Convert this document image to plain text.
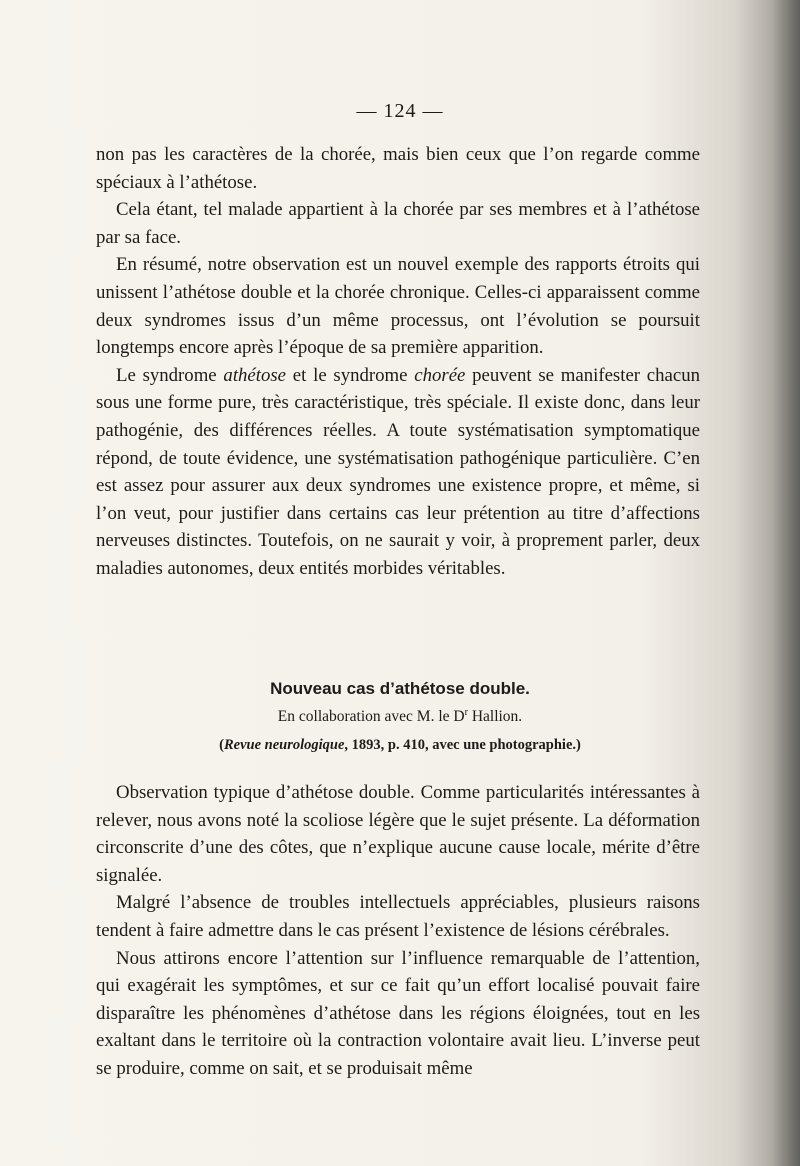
— 124 —

non pas les caractères de la chorée, mais bien ceux que l’on regarde comme spéciaux à l’athétose.

Cela étant, tel malade appartient à la chorée par ses membres et à l’athétose par sa face.

En résumé, notre observation est un nouvel exemple des rapports étroits qui unissent l’athétose double et la chorée chronique. Celles-ci apparaissent comme deux syndromes issus d’un même processus, ont l’évolution se poursuit longtemps encore après l’époque de sa première apparition.

Le syndrome athétose et le syndrome chorée peuvent se manifester chacun sous une forme pure, très caractéristique, très spéciale. Il existe donc, dans leur pathogénie, des différences réelles. A toute systématisation symptomatique répond, de toute évidence, une systématisation pathogénique particulière. C’en est assez pour assurer aux deux syndromes une existence propre, et même, si l’on veut, pour justifier dans certains cas leur prétention au titre d’affections nerveuses distinctes. Toutefois, on ne saurait y voir, à proprement parler, deux maladies autonomes, deux entités morbides véritables.

Nouveau cas d’athétose double.
En collaboration avec M. le $D^r$ Hallion.
(Revue neurologique, 1893, p. 410, avec une photographie.)

Observation typique d’athétose double. Comme particularités intéressantes à relever, nous avons noté la scoliose légère que le sujet présente. La déformation circonscrite d’une des côtes, que n’explique aucune cause locale, mérite d’être signalée.

Malgré l’absence de troubles intellectuels appréciables, plusieurs raisons tendent à faire admettre dans le cas présent l’existence de lésions cérébrales.

Nous attirons encore l’attention sur l’influence remarquable de l’attention, qui exagérait les symptômes, et sur ce fait qu’un effort localisé pouvait faire disparaître les phénomènes d’athétose dans les régions éloignées, tout en les exaltant dans le territoire où la contraction volontaire avait lieu. L’inverse peut se produire, comme on sait, et se produisait même
